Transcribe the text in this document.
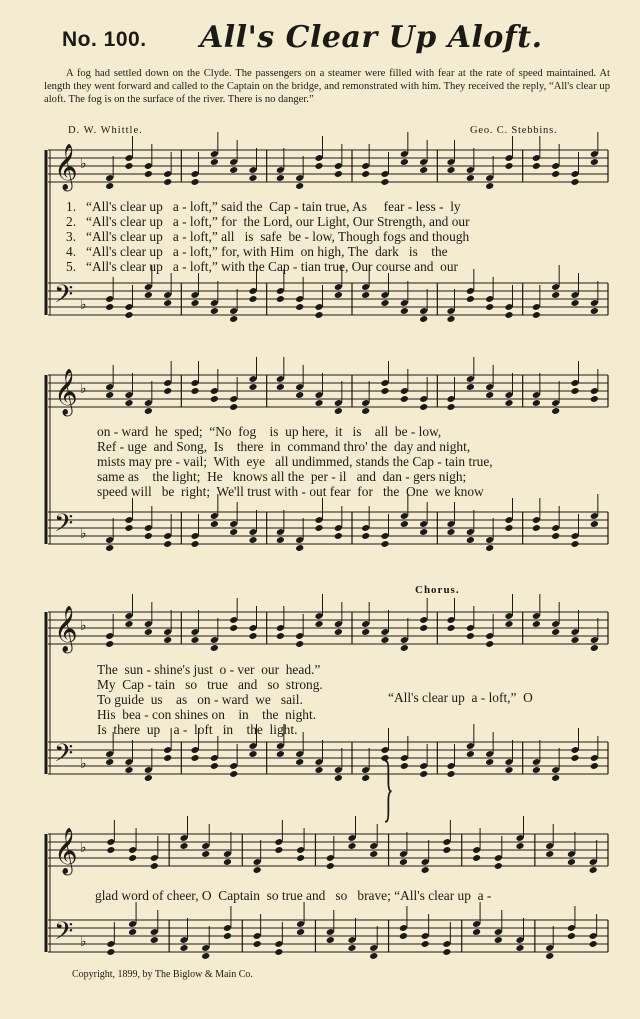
No. 100. All's Clear Up Aloft.
A fog had settled down on the Clyde. The passengers on a steamer were filled with fear at the rate of speed maintained. At length they went forward and called to the Captain on the bridge, and remonstrated with him. They received the reply, “All's clear up aloft. The fog is on the surface of the river. There is no danger.”
D. W. Whittle.	Geo. C. Stebbins.
𝄞
𝄢
♭
♭
𝄞
𝄢
♭
♭
𝄞
𝄢
♭
♭
𝄞
𝄢
♭
♭
1. “All's clear up   a - loft,” said the  Cap - tain true, As     fear - less -  ly
2. “All's clear up   a - loft,” for  the Lord, our Light, Our Strength, and our
3. “All's clear up   a - loft,” all   is  safe  be - low, Though fogs and though
4. “All's clear up   a - loft,” for, with Him  on high, The  dark   is    the
5. “All's clear up   a - loft,” with the Cap - tian true, Our course and  our
on - ward  he  sped;  “No  fog    is  up here,  it   is    all  be - low,
Ref - uge  and Song,  Is    there  in  command thro' the  day and night,
mists may pre - vail;  With  eye   all undimmed, stands the Cap - tain true,
same as    the light;  He   knows all the  per - il   and  dan - gers nigh;
speed will   be  right;  We'll trust with - out fear  for   the  One  we know
Chorus.
The  sun - shine's just  o - ver  our  head.”
My  Cap - tain   so   true   and   so  strong.
To guide  us    as   on - ward  we   sail.
His  bea - con shines on    in    the  night.
Is  there  up    a -  loft   in    the  light.
}
“All's clear up  a - loft,”  O
glad word of cheer, O  Captain  so true and   so   brave; “All's clear up  a -
Copyright, 1899, by The Biglow & Main Co.
